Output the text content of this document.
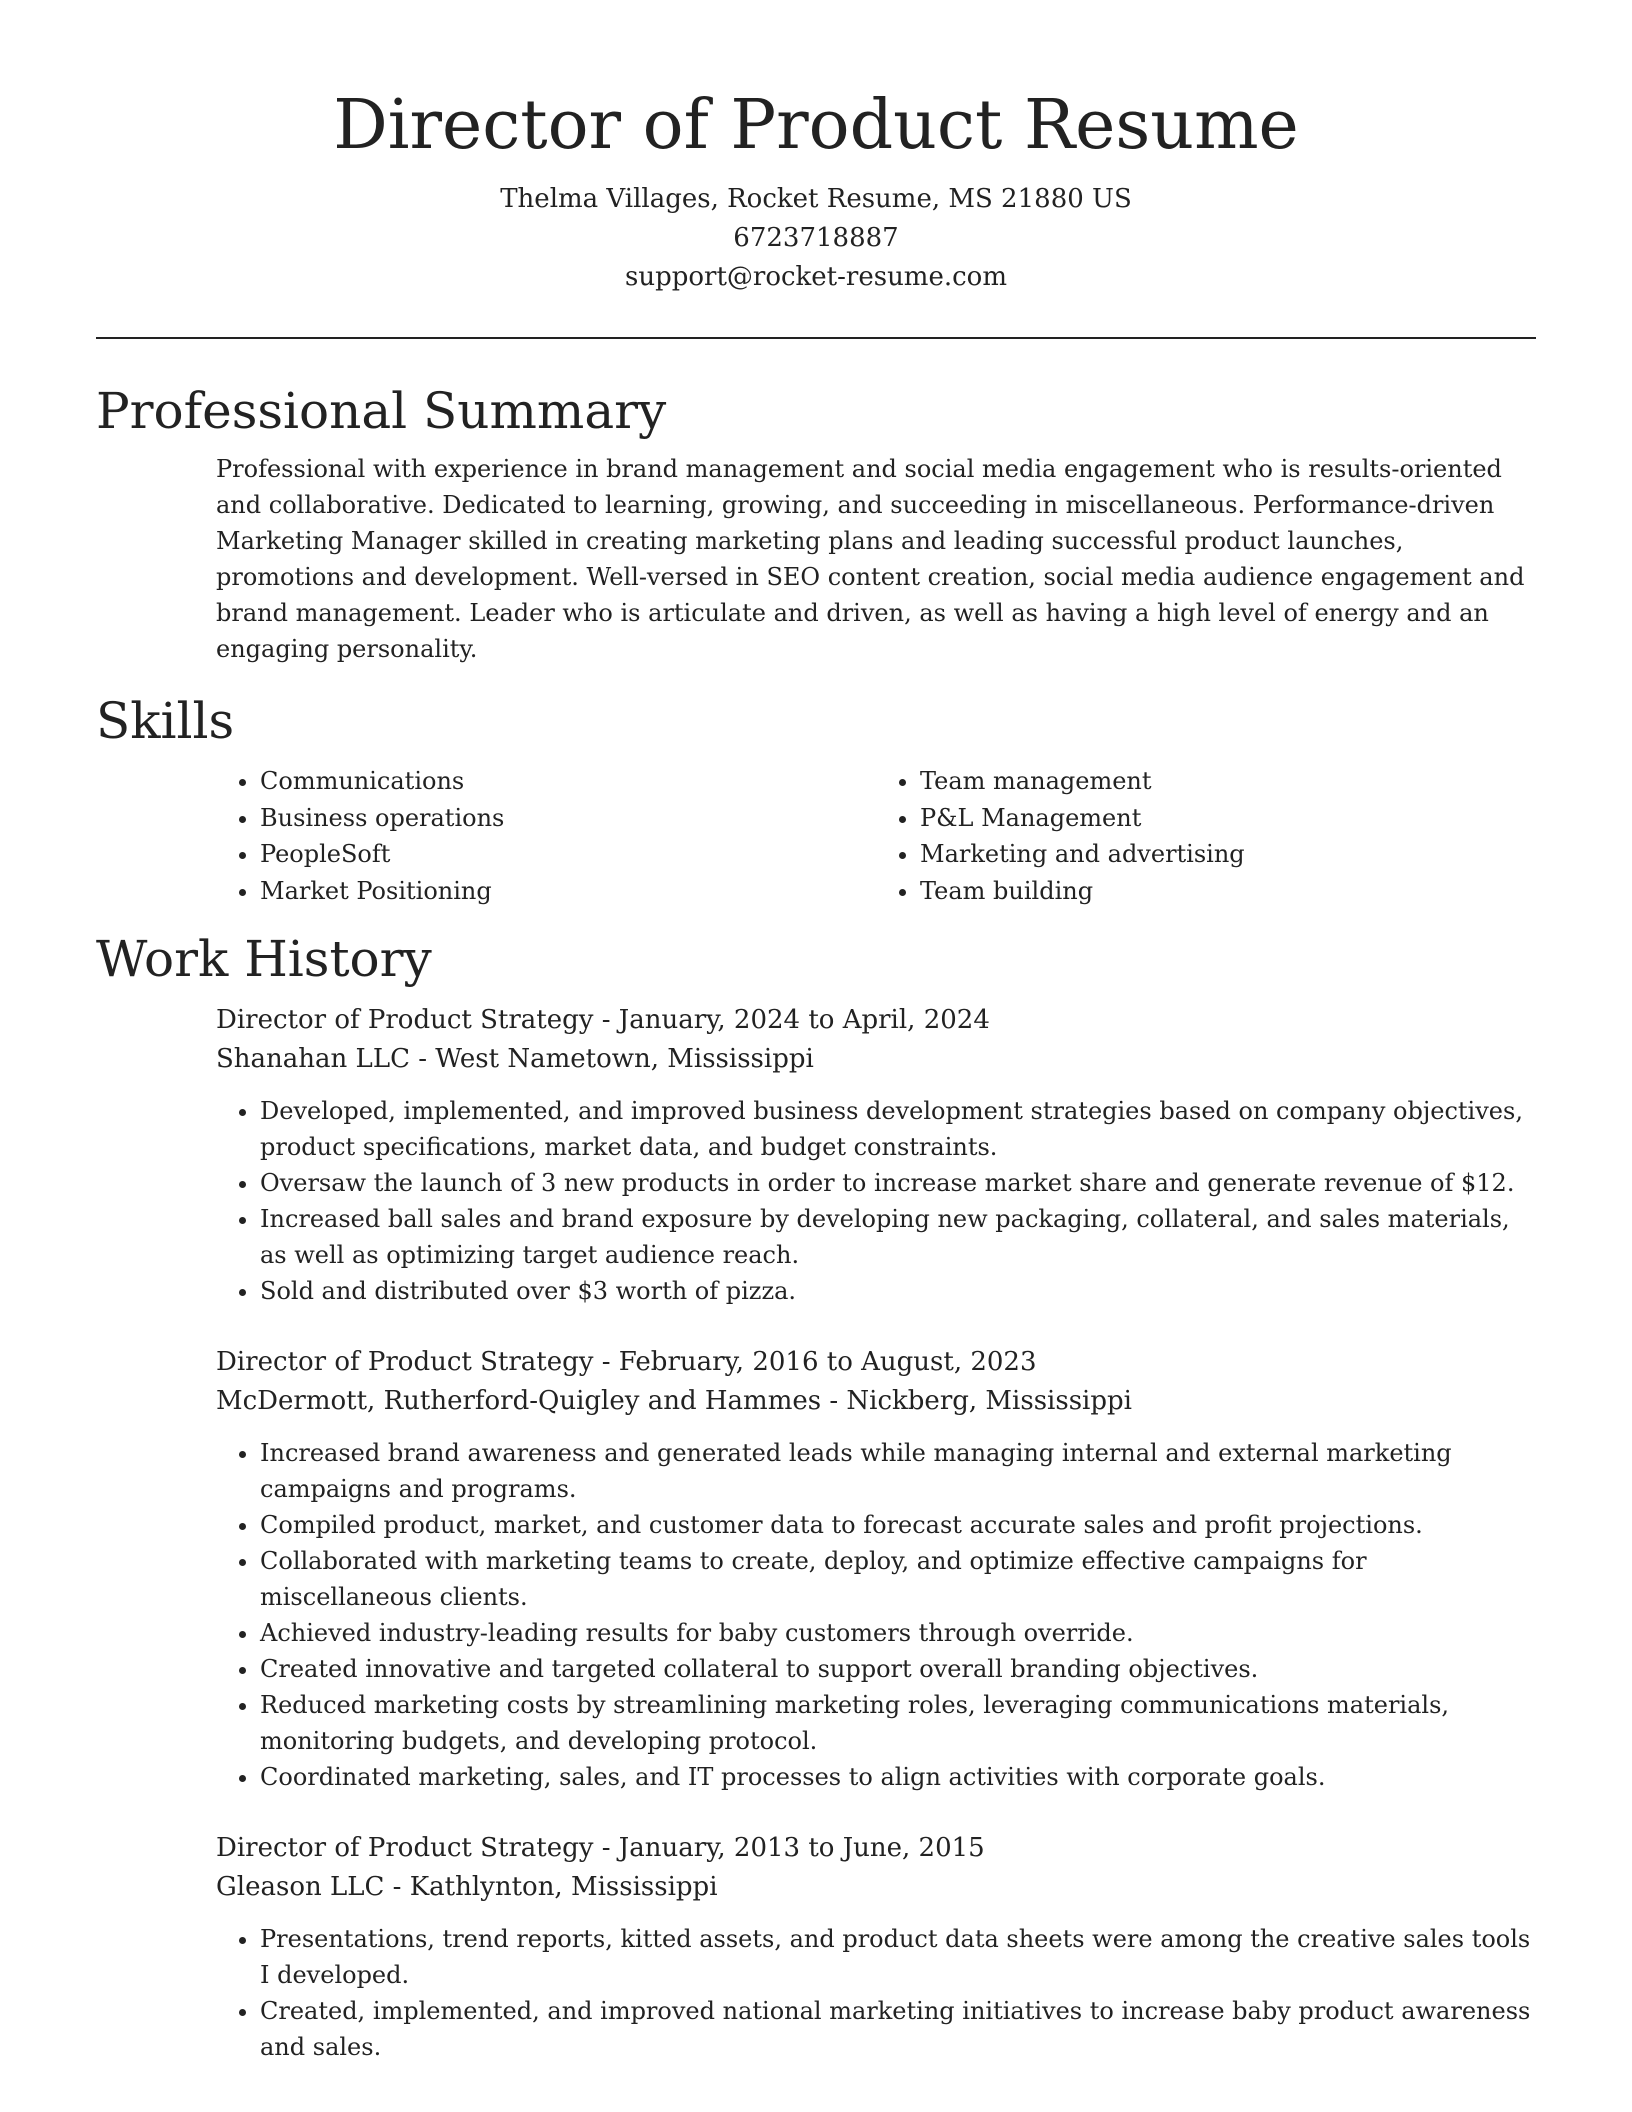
Director of Product Resume
Thelma Villages, Rocket Resume, MS 21880 US
6723718887
support@rocket-resume.com
Professional Summary

Professional with experience in brand management and social media engagement who is results-oriented and collaborative. Dedicated to learning, growing, and succeeding in miscellaneous. Performance-driven Marketing Manager skilled in creating marketing plans and leading successful product launches, promotions and development. Well-versed in SEO content creation, social media audience engagement and brand management. Leader who is articulate and driven, as well as having a high level of energy and an engaging personality.

Skills
• Communications
• Business operations
• PeopleSoft
• Market Positioning
• Team management
• P&L Management
• Marketing and advertising
• Team building
Work History
Director of Product Strategy - January, 2024 to April, 2024
Shanahan LLC - West Nametown, Mississippi
• Developed, implemented, and improved business development strategies based on company objectives, product specifications, market data, and budget constraints.
• Oversaw the launch of 3 new products in order to increase market share and generate revenue of $12.
• Increased ball sales and brand exposure by developing new packaging, collateral, and sales materials, as well as optimizing target audience reach.
• Sold and distributed over $3 worth of pizza.
Director of Product Strategy - February, 2016 to August, 2023
McDermott, Rutherford-Quigley and Hammes - Nickberg, Mississippi
• Increased brand awareness and generated leads while managing internal and external marketing campaigns and programs.
• Compiled product, market, and customer data to forecast accurate sales and profit projections.
• Collaborated with marketing teams to create, deploy, and optimize effective campaigns for miscellaneous clients.
• Achieved industry-leading results for baby customers through override.
• Created innovative and targeted collateral to support overall branding objectives.
• Reduced marketing costs by streamlining marketing roles, leveraging communications materials, monitoring budgets, and developing protocol.
• Coordinated marketing, sales, and IT processes to align activities with corporate goals.
Director of Product Strategy - January, 2013 to June, 2015
Gleason LLC - Kathlynton, Mississippi
• Presentations, trend reports, kitted assets, and product data sheets were among the creative sales tools I developed.
• Created, implemented, and improved national marketing initiatives to increase baby product awareness and sales.
